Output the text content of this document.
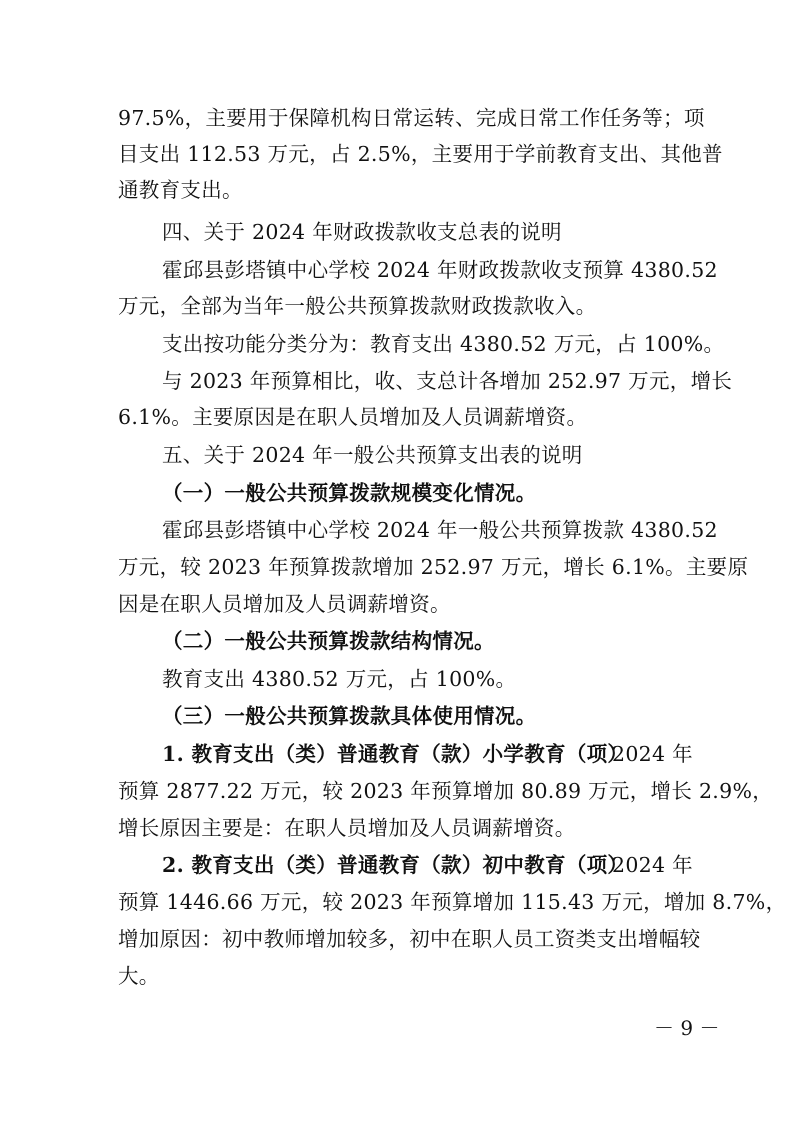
97.5%，主要用于保障机构日常运转、完成日常工作任务等；项
目支出 112.53 万元，占 2.5%，主要用于学前教育支出、其他普
通教育支出。
四、关于 2024 年财政拨款收支总表的说明
霍邱县彭塔镇中心学校 2024 年财政拨款收支预算 4380.52
万元，全部为当年一般公共预算拨款财政拨款收入。
支出按功能分类分为：教育支出 4380.52 万元，占 100%。
与 2023 年预算相比，收、支总计各增加 252.97 万元，增长
6.1%。主要原因是在职人员增加及人员调薪增资。
五、关于 2024 年一般公共预算支出表的说明
（一）一般公共预算拨款规模变化情况。
霍邱县彭塔镇中心学校 2024 年一般公共预算拨款 4380.52
万元，较 2023 年预算拨款增加 252.97 万元，增长 6.1%。主要原
因是在职人员增加及人员调薪增资。
（二）一般公共预算拨款结构情况。
教育支出 4380.52 万元，占 100%。
（三）一般公共预算拨款具体使用情况。
1. 教育支出（类）普通教育（款）小学教育（项）
2024 年
预算 2877.22 万元，较 2023 年预算增加 80.89 万元，增长 2.9%，
增长原因主要是：在职人员增加及人员调薪增资。
2. 教育支出（类）普通教育（款）初中教育（项）
2024 年
预算 1446.66 万元，较 2023 年预算增加 115.43 万元，增加 8.7%，
增加原因：初中教师增加较多，初中在职人员工资类支出增幅较
大。
－ 9 －
